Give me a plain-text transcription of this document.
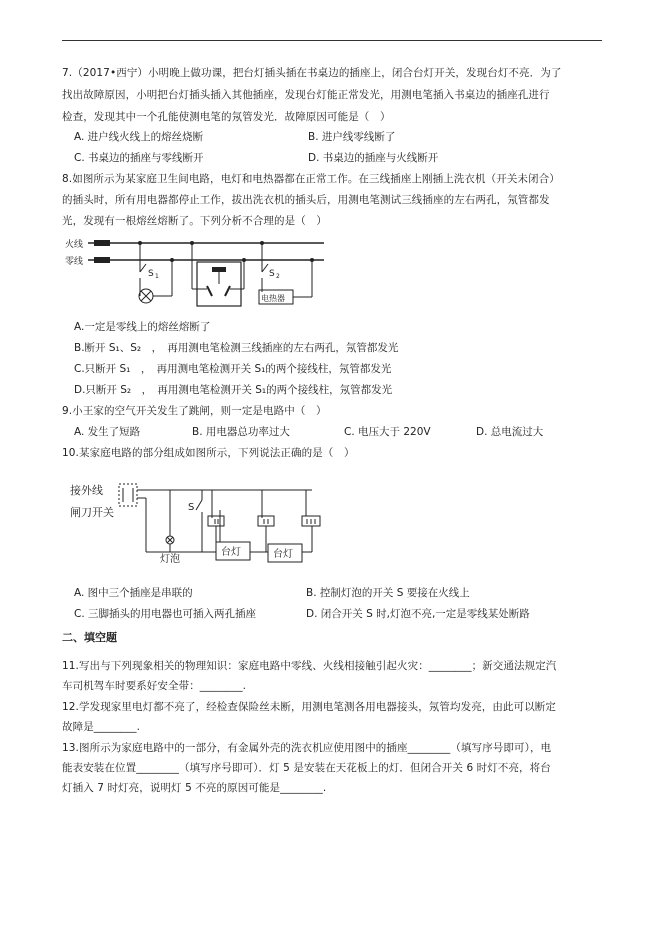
7.（2017•西宁）小明晚上做功课，把台灯插头插在书桌边的插座上，闭合台灯开关，发现台灯不亮．为了
找出故障原因，小明把台灯插头插入其他插座，发现台灯能正常发光，用测电笔插入书桌边的插座孔进行
检查，发现其中一个孔能使测电笔的氖管发光．故障原因可能是（　）
A. 进户线火线上的熔丝烧断	B. 进户线零线断了
C. 书桌边的插座与零线断开	D. 书桌边的插座与火线断开
8.如图所示为某家庭卫生间电路，电灯和电热器都在正常工作。在三线插座上刚插上洗衣机（开关未闭合）
的插头时，所有用电器都停止工作，拔出洗衣机的插头后，用测电笔测试三线插座的左右两孔，氖管都发
光，发现有一根熔丝熔断了。下列分析不合理的是（　）
火线
零线
S 1	S 2
电热器
A.一定是零线上的熔丝熔断了
B.断开 S₁、S₂　，　再用测电笔检测三线插座的左右两孔，氖管都发光
C.只断开 S₁　，　再用测电笔检测开关 S₁的两个接线柱，氖管都发光
D.只断开 S₂　，　再用测电笔检测开关 S₁的两个接线柱，氖管都发光
9.小王家的空气开关发生了跳闸，则一定是电路中（　）
A. 发生了短路	B. 用电器总功率过大	C. 电压大于 220V	D. 总电流过大
10.某家庭电路的部分组成如图所示，下列说法正确的是（　）
接外线
闸刀开关
灯泡
S
台灯	台灯
A. 图中三个插座是串联的	B. 控制灯泡的开关 S 要接在火线上
C. 三脚插头的用电器也可插入两孔插座	D. 闭合开关 S 时,灯泡不亮,一定是零线某处断路
二、填空题
11.写出与下列现象相关的物理知识：家庭电路中零线、火线相接触引起火灾：________；新交通法规定汽
车司机驾车时要系好安全带：________.
12.学发现家里电灯都不亮了，经检查保险丝未断，用测电笔测各用电器接头，氖管均发亮，由此可以断定
故障是________.
13.图所示为家庭电路中的一部分，有金属外壳的洗衣机应使用图中的插座________（填写序号即可），电
能表安装在位置________（填写序号即可）．灯 5 是安装在天花板上的灯．但闭合开关 6 时灯不亮，将台
灯插入 7 时灯亮，说明灯 5 不亮的原因可能是________.
